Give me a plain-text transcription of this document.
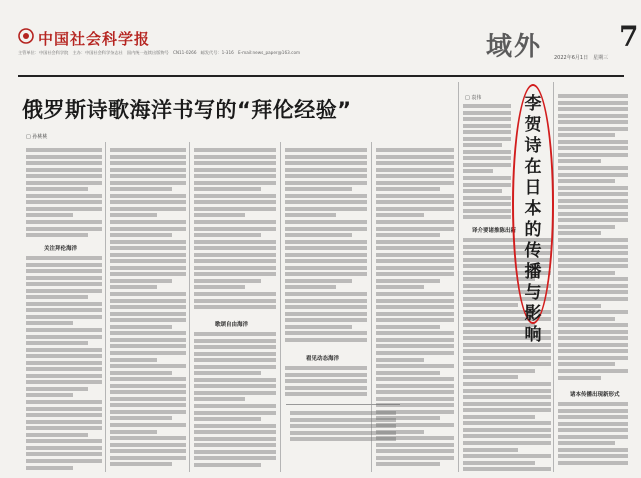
中国社会科学报
主管单位：中国社会科学院　主办：中国社会科学杂志社　国内统一连续出版物号　CN11-0266　邮发代号：1-316　E-mail:news_paper@163.com	域外	7
2022年6月1日　星期三
俄罗斯诗歌海洋书写的“拜伦经验”
□ 孙桃桃
关注拜伦海洋
歌颂自由海洋
看见动态海洋
□ 袁伟
译介要诸推陈出新
李贺诗在日本的传播与影响
诸本传播出现新形式
